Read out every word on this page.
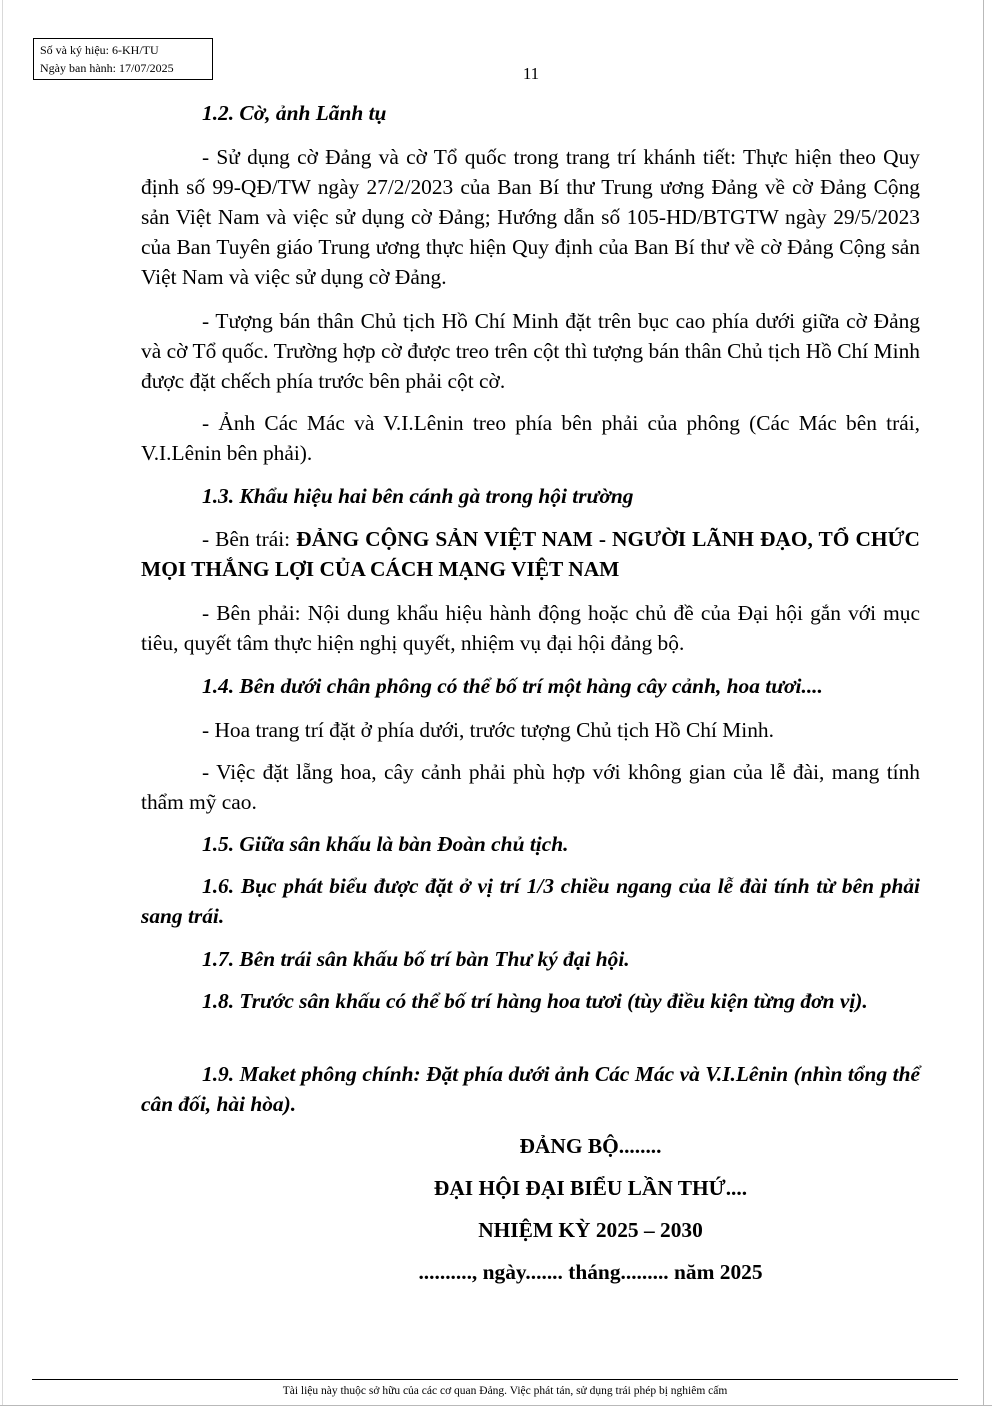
Số và ký hiệu: 6-KH/TU
Ngày ban hành: 17/07/2025	11
1.2. Cờ, ảnh Lãnh tụ
- Sử dụng cờ Đảng và cờ Tổ quốc trong trang trí khánh tiết: Thực hiện theo Quy định số 99-QĐ/TW ngày 27/2/2023 của Ban Bí thư Trung ương Đảng về cờ Đảng Cộng sản Việt Nam và việc sử dụng cờ Đảng; Hướng dẫn số 105-HD/BTGTW ngày 29/5/2023 của Ban Tuyên giáo Trung ương thực hiện Quy định của Ban Bí thư về cờ Đảng Cộng sản Việt Nam và việc sử dụng cờ Đảng.
- Tượng bán thân Chủ tịch Hồ Chí Minh đặt trên bục cao phía dưới giữa cờ Đảng và cờ Tổ quốc. Trường hợp cờ được treo trên cột thì tượng bán thân Chủ tịch Hồ Chí Minh được đặt chếch phía trước bên phải cột cờ.
- Ảnh Các Mác và V.I.Lênin treo phía bên phải của phông (Các Mác bên trái, V.I.Lênin bên phải).
1.3. Khẩu hiệu hai bên cánh gà trong hội trường
- Bên trái: ĐẢNG CỘNG SẢN VIỆT NAM - NGƯỜI LÃNH ĐẠO, TỔ CHỨC MỌI THẮNG LỢI CỦA CÁCH MẠNG VIỆT NAM
- Bên phải: Nội dung khẩu hiệu hành động hoặc chủ đề của Đại hội gắn với mục tiêu, quyết tâm thực hiện nghị quyết, nhiệm vụ đại hội đảng bộ.
1.4. Bên dưới chân phông có thể bố trí một hàng cây cảnh, hoa tươi....
- Hoa trang trí đặt ở phía dưới, trước tượng Chủ tịch Hồ Chí Minh.
- Việc đặt lẵng hoa, cây cảnh phải phù hợp với không gian của lễ đài, mang tính thẩm mỹ cao.
1.5. Giữa sân khấu là bàn Đoàn chủ tịch.
1.6. Bục phát biểu được đặt ở vị trí 1/3 chiều ngang của lễ đài tính từ bên phải sang trái.
1.7. Bên trái sân khấu bố trí bàn Thư ký đại hội.
1.8. Trước sân khấu có thể bố trí hàng hoa tươi (tùy điều kiện từng đơn vị).
1.9. Maket phông chính: Đặt phía dưới ảnh Các Mác và V.I.Lênin (nhìn tổng thể cân đối, hài hòa).
ĐẢNG BỘ........
ĐẠI HỘI ĐẠI BIỂU LẦN THỨ....
NHIỆM KỲ 2025 – 2030
.........., ngày....... tháng......... năm 2025
Tài liệu này thuộc sở hữu của các cơ quan Đảng. Việc phát tán, sử dụng trái phép bị nghiêm cấm
